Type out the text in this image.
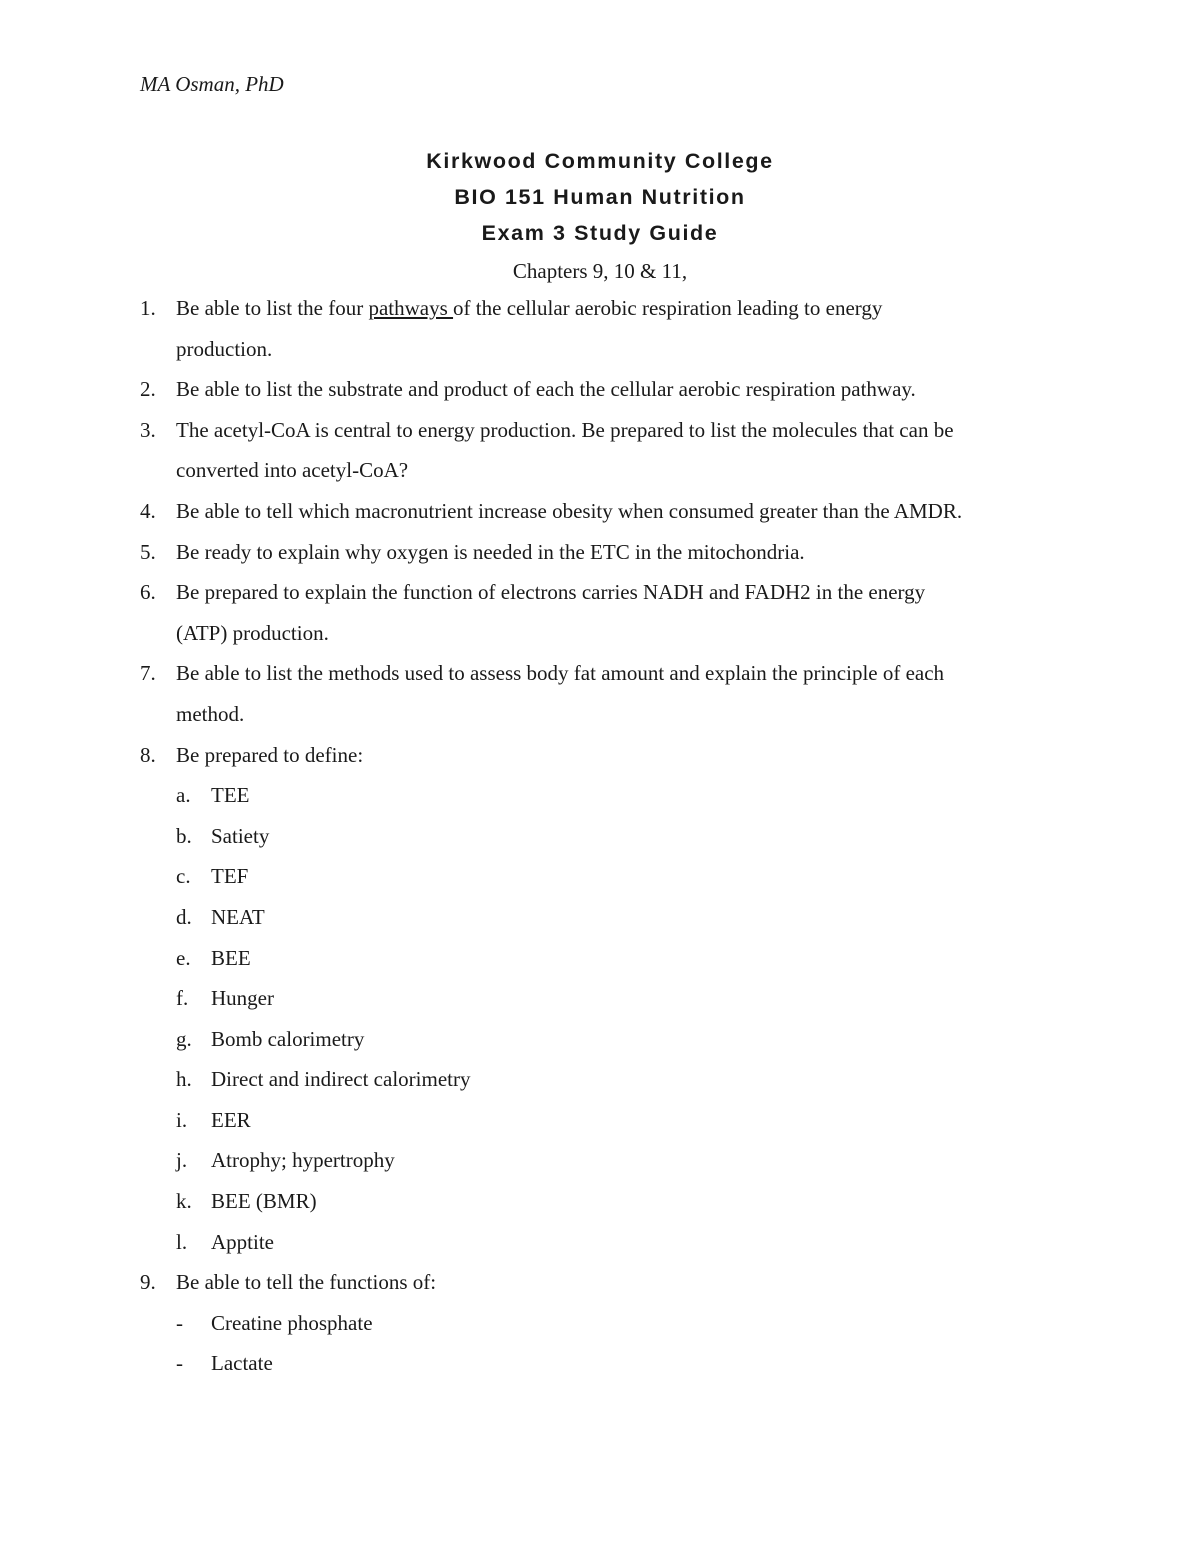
MA Osman, PhD
Kirkwood Community College
BIO 151 Human Nutrition
Exam 3 Study Guide
Chapters 9, 10 & 11,
1. Be able to list the four pathways of the cellular aerobic respiration leading to energy
production.
2. Be able to list the substrate and product of each the cellular aerobic respiration pathway.
3. The acetyl-CoA is central to energy production. Be prepared to list the molecules that can be
converted into acetyl-CoA?
4. Be able to tell which macronutrient increase obesity when consumed greater than the AMDR.
5. Be ready to explain why oxygen is needed in the ETC in the mitochondria.
6. Be prepared to explain the function of electrons carries NADH and FADH2 in the energy
(ATP) production.
7. Be able to list the methods used to assess body fat amount and explain the principle of each
method.
8. Be prepared to define:
a. TEE
b. Satiety
c. TEF
d. NEAT
e. BEE
f.	Hunger
g. Bomb calorimetry
h. Direct and indirect calorimetry
i.	EER
j.	Atrophy; hypertrophy
k. BEE (BMR)
l.	Apptite
9. Be able to tell the functions of:
-	Creatine phosphate
-	Lactate
